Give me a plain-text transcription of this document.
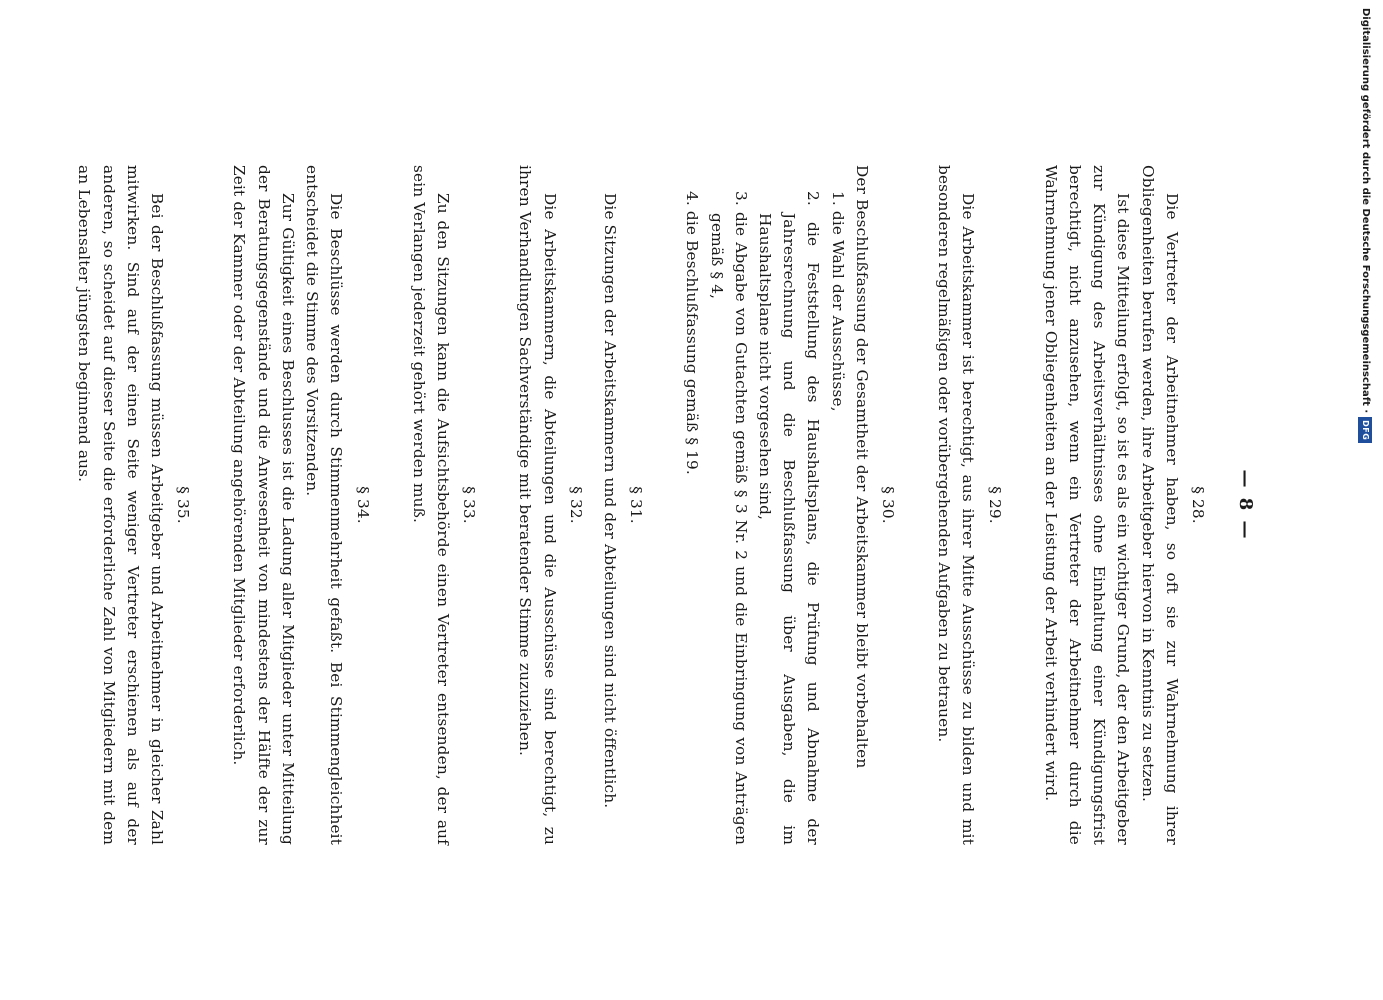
— 8 —
§ 28.

Die Vertreter der Arbeitnehmer haben, so oft sie zur Wahrnehmung ihrer Obliegenheiten berufen werden, ihre Arbeitgeber hiervon in Kenntnis zu setzen.

Ist diese Mitteilung erfolgt, so ist es als ein wichtiger Grund, der den Arbeitgeber zur Kündigung des Arbeitsverhältnisses ohne Einhaltung einer Kündigungsfrist berechtigt, nicht anzusehen, wenn ein Vertreter der Arbeitnehmer durch die Wahrnehmung jener Obliegenheiten an der Leistung der Arbeit verhindert wird.

§ 29.

Die Arbeitskammer ist berechtigt, aus ihrer Mitte Ausschüsse zu bilden und mit besonderen regelmäßigen oder vorübergehenden Aufgaben zu betrauen.

§ 30.

Der Beschlußfassung der Gesamtheit der Arbeitskammer bleibt vorbehalten

1. die Wahl der Ausschüsse,
2. die Feststellung des Haushaltsplans, die Prüfung und Abnahme der Jahresrechnung und die Beschlußfassung über Ausgaben, die im Haushaltsplane nicht vorgesehen sind,
3. die Abgabe von Gutachten gemäß § 3 Nr. 2 und die Einbringung von Anträgen gemäß § 4,
4. die Beschlußfassung gemäß § 19.
§ 31.

Die Sitzungen der Arbeitskammern und der Abteilungen sind nicht öffentlich.

§ 32.

Die Arbeitskammern, die Abteilungen und die Ausschüsse sind berechtigt, zu ihren Verhandlungen Sachverständige mit beratender Stimme zuzuziehen.

§ 33.

Zu den Sitzungen kann die Aufsichtsbehörde einen Vertreter entsenden, der auf sein Verlangen jederzeit gehört werden muß.

§ 34.

Die Beschlüsse werden durch Stimmenmehrheit gefaßt. Bei Stimmengleichheit entscheidet die Stimme des Vorsitzenden.

Zur Gültigkeit eines Beschlusses ist die Ladung aller Mitglieder unter Mitteilung der Beratungsgegenstände und die Anwesenheit von mindestens der Hälfte der zur Zeit der Kammer oder der Abteilung angehörenden Mitglieder erforderlich.

§ 35.

Bei der Beschlußfassung müssen Arbeitgeber und Arbeitnehmer in gleicher Zahl mitwirken. Sind auf der einen Seite weniger Vertreter erschienen als auf der anderen, so scheidet auf dieser Seite die erforderliche Zahl von Mitgliedern mit dem an Lebensalter jüngsten beginnend aus.	Digitalisierung gefördert durch die Deutsche Forschungsgemeinschaft ·DFG
